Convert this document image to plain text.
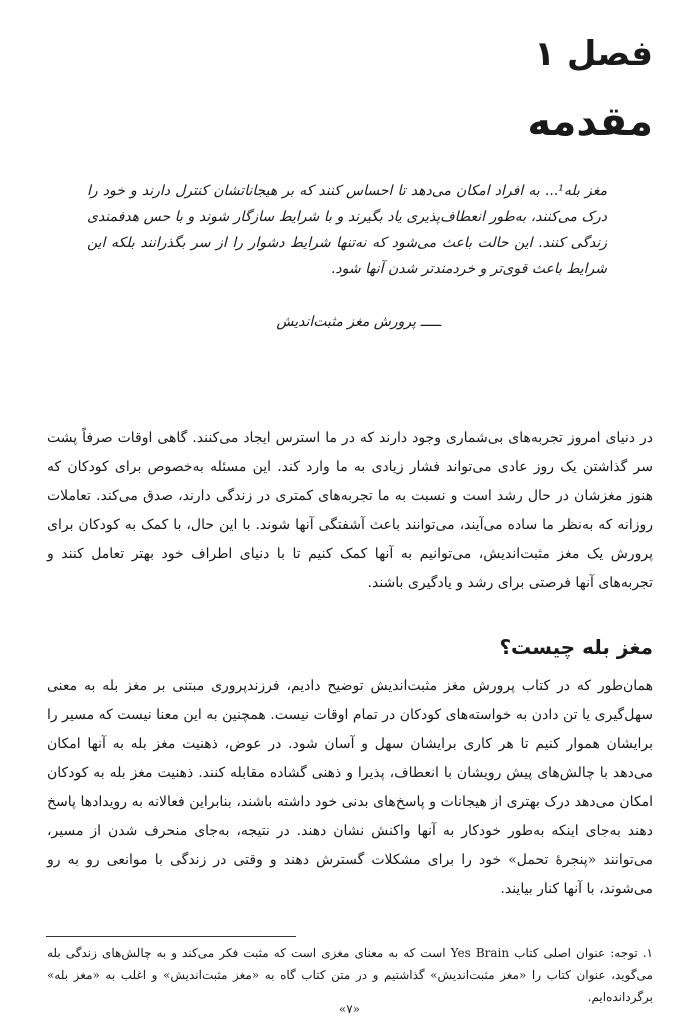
فصل ۱
مقدمه

مغز بله¹... به افراد امکان می‌دهد تا احساس کنند که بر هیجاناتشان کنترل دارند و خود را درک می‌کنند، به‌طور انعطاف‌پذیری یاد بگیرند و با شرایط سازگار شوند و با حس هدفمندی زندگی کنند. این حالت باعث می‌شود که نه‌تنها شرایط دشوار را از سر بگذرانند بلکه این شرایط باعث قوی‌تر و خردمندتر شدن آنها شود.

ـــــ پرورش مغز مثبت‌اندیش

در دنیای امروز تجربه‌های بی‌شماری وجود دارند که در ما استرس ایجاد می‌کنند. گاهی اوقات صرفاً پشت سر گذاشتن یک روز عادی می‌تواند فشار زیادی به ما وارد کند. این مسئله به‌خصوص برای کودکان که هنوز مغزشان در حال رشد است و نسبت به ما تجربه‌های کمتری در زندگی دارند، صدق می‌کند. تعاملات روزانه که به‌نظر ما ساده می‌آیند، می‌توانند باعث آشفتگی آنها شوند. با این حال، با کمک به کودکان برای پرورش یک مغز مثبت‌اندیش، می‌توانیم به آنها کمک کنیم تا با دنیای اطراف خود بهتر تعامل کنند و تجربه‌های آنها فرصتی برای رشد و یادگیری باشند.

مغز بله چیست؟

همان‌طور که در کتاب پرورش مغز مثبت‌اندیش توضیح دادیم، فرزندپروری مبتنی بر مغز بله به معنی سهل‌گیری یا تن دادن به خواسته‌های کودکان در تمام اوقات نیست. همچنین به این معنا نیست که مسیر را برایشان هموار کنیم تا هر کاری برایشان سهل و آسان شود. در عوض، ذهنیت مغز بله به آنها امکان می‌دهد با چالش‌های پیش رویشان با انعطاف، پذیرا و ذهنی گشاده مقابله کنند. ذهنیت مغز بله به کودکان امکان می‌دهد درک بهتری از هیجانات و پاسخ‌های بدنی خود داشته باشند، بنابراین فعالانه به رویدادها پاسخ دهند به‌جای اینکه به‌طور خودکار به آنها واکنش نشان دهند. در نتیجه، به‌جای منحرف شدن از مسیر، می‌توانند «پنجرهٔ تحمل» خود را برای مشکلات گسترش دهند و وقتی در زندگی با موانعی رو به رو می‌شوند، با آنها کنار بیایند.

۱. توجه: عنوان اصلی کتاب Yes Brain است که به معنای مغزی است که مثبت فکر می‌کند و به چالش‌های زندگی بله می‌گوید، عنوان کتاب را «مغز مثبت‌اندیش» گذاشتیم و در متن کتاب گاه به «مغز مثبت‌اندیش» و اغلب به «مغز بله» برگردانده‌ایم.

«۷»
